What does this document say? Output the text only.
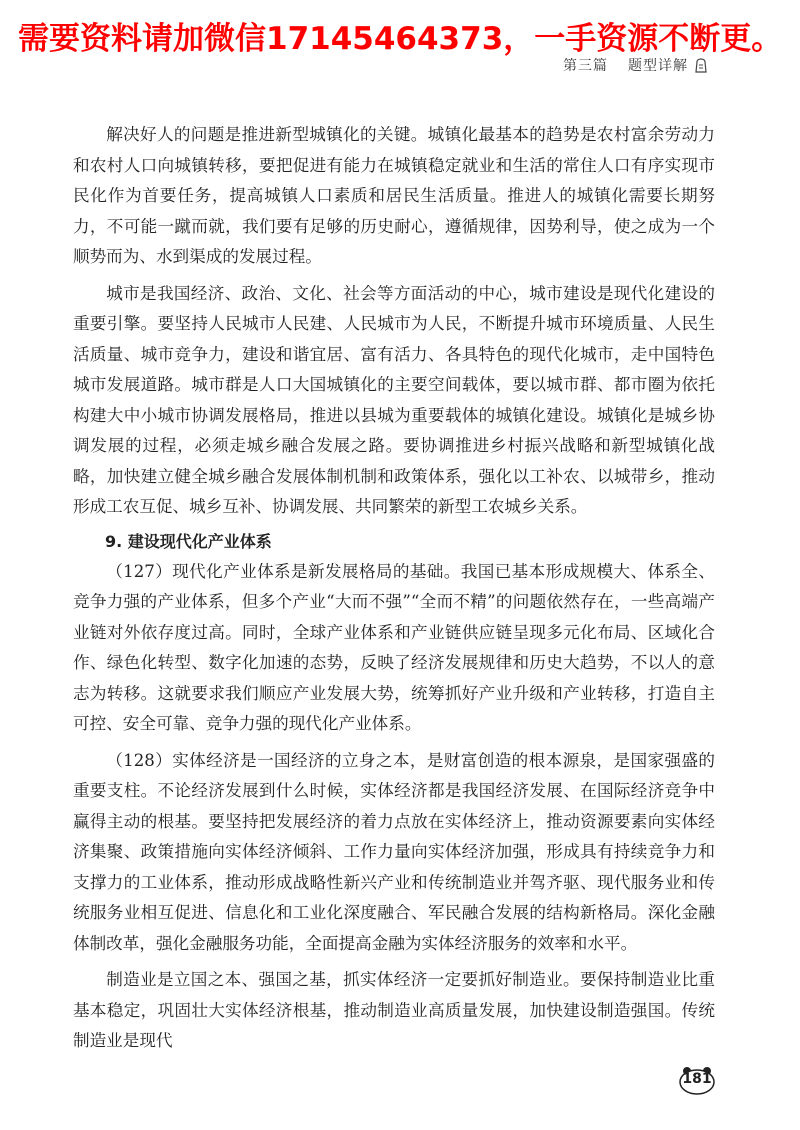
需要资料请加微信17145464373，一手资源不断更。
第三篇 题型详解

解决好人的问题是推进新型城镇化的关键。城镇化最基本的趋势是农村富余劳动力和农村人口向城镇转移，要把促进有能力在城镇稳定就业和生活的常住人口有序实现市民化作为首要任务，提高城镇人口素质和居民生活质量。推进人的城镇化需要长期努力，不可能一蹴而就，我们要有足够的历史耐心，遵循规律，因势利导，使之成为一个顺势而为、水到渠成的发展过程。

城市是我国经济、政治、文化、社会等方面活动的中心，城市建设是现代化建设的重要引擎。要坚持人民城市人民建、人民城市为人民，不断提升城市环境质量、人民生活质量、城市竞争力，建设和谐宜居、富有活力、各具特色的现代化城市，走中国特色城市发展道路。城市群是人口大国城镇化的主要空间载体，要以城市群、都市圈为依托构建大中小城市协调发展格局，推进以县城为重要载体的城镇化建设。城镇化是城乡协调发展的过程，必须走城乡融合发展之路。要协调推进乡村振兴战略和新型城镇化战略，加快建立健全城乡融合发展体制机制和政策体系，强化以工补农、以城带乡，推动形成工农互促、城乡互补、协调发展、共同繁荣的新型工农城乡关系。

9. 建设现代化产业体系

（127）现代化产业体系是新发展格局的基础。我国已基本形成规模大、体系全、竞争力强的产业体系，但多个产业“大而不强”“全而不精”的问题依然存在，一些高端产业链对外依存度过高。同时，全球产业体系和产业链供应链呈现多元化布局、区域化合作、绿色化转型、数字化加速的态势，反映了经济发展规律和历史大趋势，不以人的意志为转移。这就要求我们顺应产业发展大势，统筹抓好产业升级和产业转移，打造自主可控、安全可靠、竞争力强的现代化产业体系。

（128）实体经济是一国经济的立身之本，是财富创造的根本源泉，是国家强盛的重要支柱。不论经济发展到什么时候，实体经济都是我国经济发展、在国际经济竞争中赢得主动的根基。要坚持把发展经济的着力点放在实体经济上，推动资源要素向实体经济集聚、政策措施向实体经济倾斜、工作力量向实体经济加强，形成具有持续竞争力和支撑力的工业体系，推动形成战略性新兴产业和传统制造业并驾齐驱、现代服务业和传统服务业相互促进、信息化和工业化深度融合、军民融合发展的结构新格局。深化金融体制改革，强化金融服务功能，全面提高金融为实体经济服务的效率和水平。

制造业是立国之本、强国之基，抓实体经济一定要抓好制造业。要保持制造业比重基本稳定，巩固壮大实体经济根基，推动制造业高质量发展，加快建设制造强国。传统制造业是现代

181
